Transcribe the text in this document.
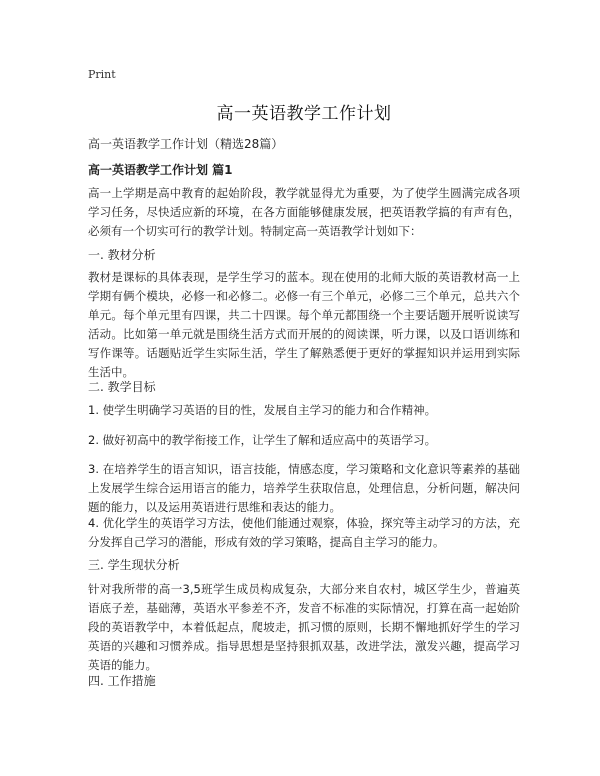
Print
高一英语教学工作计划
高一英语教学工作计划（精选28篇）
高一英语教学工作计划 篇1
高一上学期是高中教育的起始阶段，教学就显得尤为重要，为了使学生圆满完成各项学习任务，尽快适应新的环境，在各方面能够健康发展，把英语教学搞的有声有色，必须有一个切实可行的教学计划。特制定高一英语教学计划如下：
一. 教材分析
教材是课标的具体表现，是学生学习的蓝本。现在使用的北师大版的英语教材高一上学期有俩个模块，必修一和必修二。必修一有三个单元，必修二三个单元，总共六个单元。每个单元里有四课，共二十四课。每个单元都围绕一个主要话题开展听说读写活动。比如第一单元就是围绕生活方式而开展的的阅读课，听力课，以及口语训练和写作课等。话题贴近学生实际生活，学生了解熟悉便于更好的掌握知识并运用到实际生活中。
二. 教学目标
1. 使学生明确学习英语的目的性，发展自主学习的能力和合作精神。
2. 做好初高中的教学衔接工作，让学生了解和适应高中的英语学习。
3. 在培养学生的语言知识，语言技能，情感态度，学习策略和文化意识等素养的基础上发展学生综合运用语言的能力，培养学生获取信息，处理信息，分析问题，解决问题的能力，以及运用英语进行思维和表达的能力。
4. 优化学生的英语学习方法，使他们能通过观察，体验，探究等主动学习的方法，充分发挥自己学习的潜能，形成有效的学习策略，提高自主学习的能力。
三. 学生现状分析
针对我所带的高一3,5班学生成员构成复杂，大部分来自农村，城区学生少，普遍英语底子差，基础薄，英语水平参差不齐，发音不标准的实际情况，打算在高一起始阶段的英语教学中，本着低起点，爬坡走，抓习惯的原则，长期不懈地抓好学生的学习英语的兴趣和习惯养成。指导思想是坚持狠抓双基，改进学法，激发兴趣，提高学习英语的能力。
四. 工作措施
